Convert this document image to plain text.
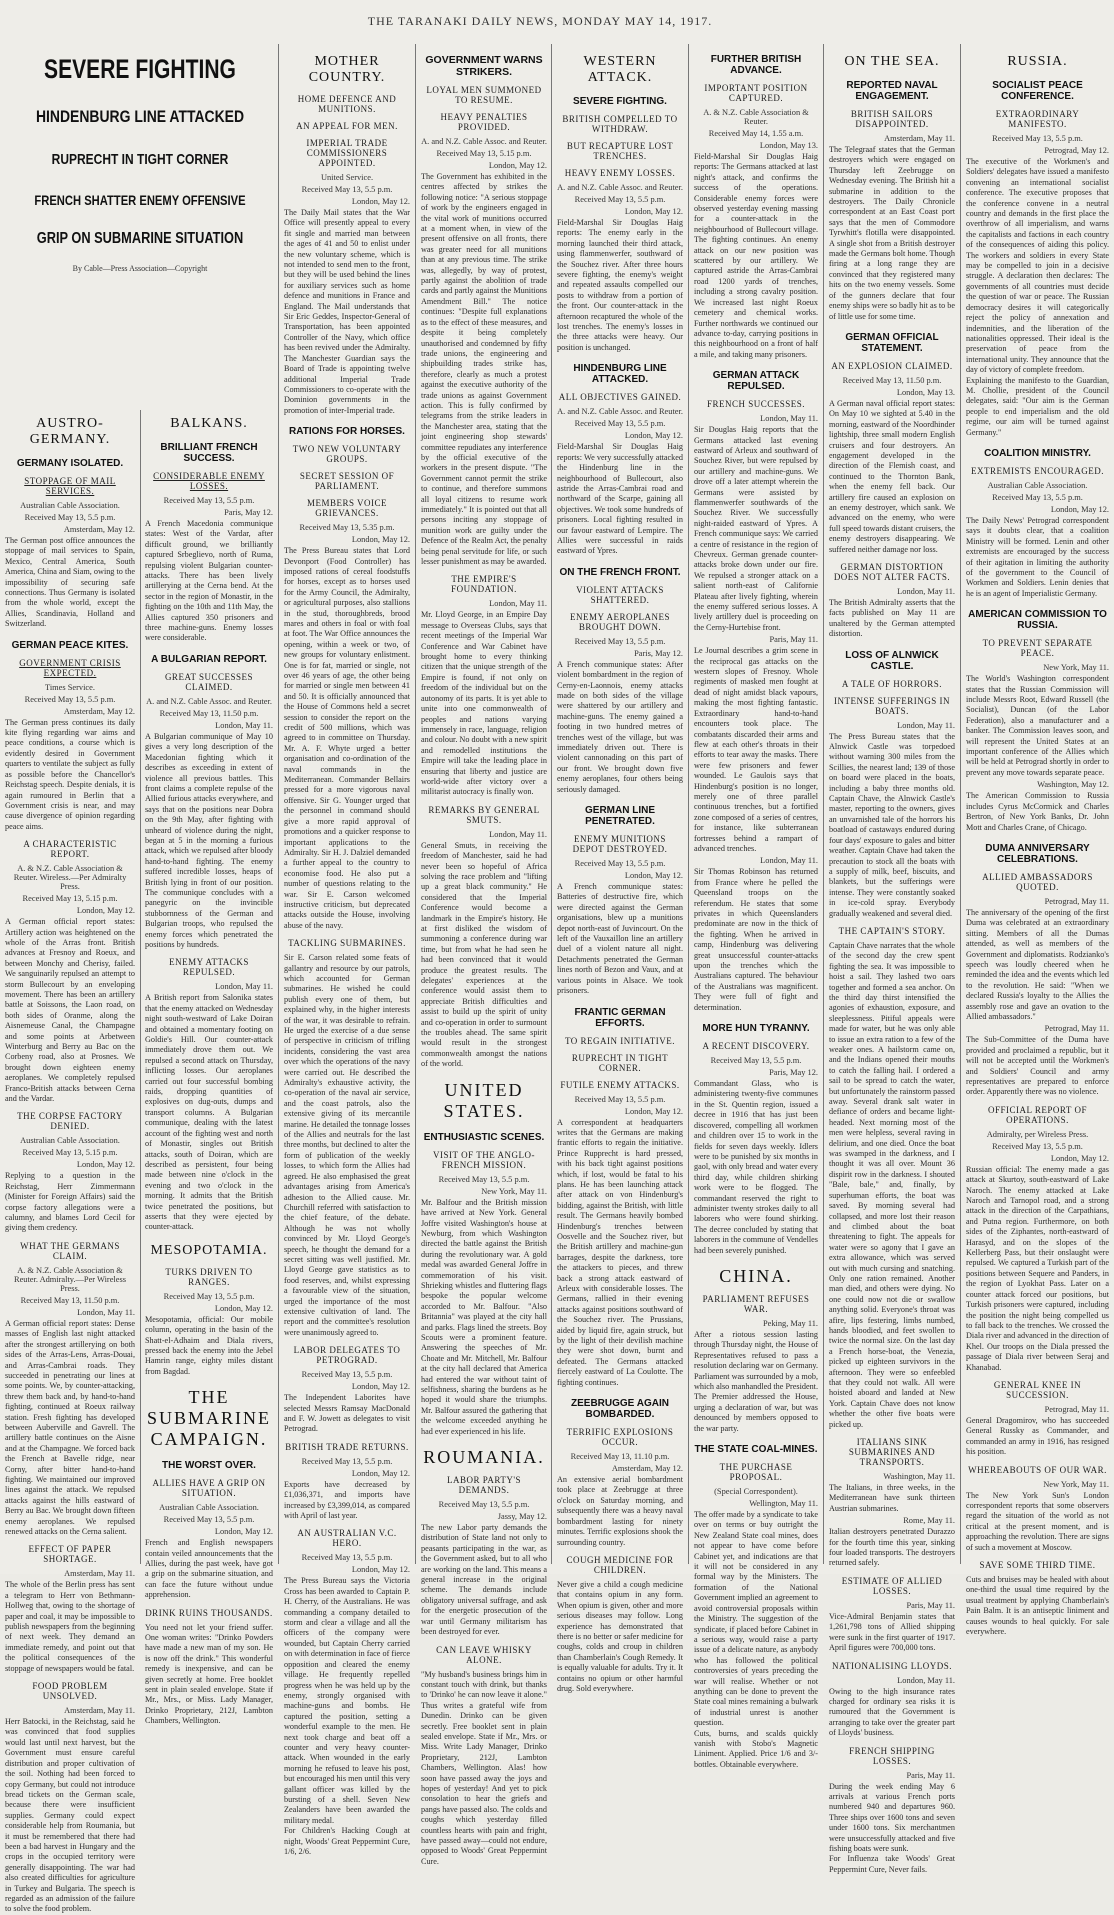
THE TARANAKI DAILY NEWS, MONDAY MAY 14, 1917.
SEVERE FIGHTING
HINDENBURG LINE ATTACKED
RUPRECHT IN TIGHT CORNER
FRENCH SHATTER ENEMY OFFENSIVE
GRIP ON SUBMARINE SITUATION
By Cable—Press Association—Copyright
AUSTRO-GERMANY.
GERMANY ISOLATED.
STOPPAGE OF MAIL SERVICES.
Australian Cable Association.
Received May 13, 5.5 p.m.
Amsterdam, May 12.

The German post office announces the stoppage of mail services to Spain, Mexico, Central America, South America, China and Siam, owing to the impossibility of securing safe connections. Thus Germany is isolated from the whole world, except the Allies, Scandinavia, Holland and Switzerland.

GERMAN PEACE KITES.
GOVERNMENT CRISIS EXPECTED.
Times Service.
Received May 13, 5.5 p.m.
Amsterdam, May 12.

The German press continues its daily kite flying regarding war aims and peace conditions, a course which is evidently desired in Government quarters to ventilate the subject as fully as possible before the Chancellor's Reichstag speech. Despite denials, it is again rumoured in Berlin that a Government crisis is near, and may cause divergence of opinion regarding peace aims.

A CHARACTERISTIC REPORT.
A. & N.Z. Cable Association & Reuter. Wireless.—Per Admiralty Press.
Received May 13, 5.15 p.m.
London, May 12.

A German official report states: Artillery action was heightened on the whole of the Arras front. British advances at Fresnoy and Roeux, and between Monchy and Cherisy, failed. We sanguinarily repulsed an attempt to storm Bullecourt by an enveloping movement. There has been an artillery battle at Soissons, the Laon road, on both sides of Oranme, along the Aisnemeuse Canal, the Champagne and some points at Arbetween Winterburg and Berry au Bac on the Corbeny road, also at Prosnes. We brought down eighteen enemy aeroplanes. We completely repulsed Franco-British attacks between Cerna and the Vardar.

THE CORPSE FACTORY DENIED.
Australian Cable Association.
Received May 13, 5.15 p.m.
London, May 12.

Replying to a question in the Reichstag, Herr Zimmermann (Minister for Foreign Affairs) said the corpse factory allegations were a calumny, and blames Lord Cecil for giving them credency.

WHAT THE GERMANS CLAIM.
A. & N.Z. Cable Association & Reuter. Admiralty.—Per Wireless Press.
Received May 13, 11.50 p.m.
London, May 11.

A German official report states: Dense masses of English last night attacked after the strongest artillerying on both sides of the Arras-Lens, Arras-Douai, and Arras-Cambrai roads. They succeeded in penetrating our lines at some points. We, by counter-attacking, threw them back and, by hand-to-hand fighting, continued at Roeux railway station. Fresh fighting has developed between Auberville and Gavrell. The artillery battle continues on the Aisne and at the Champagne. We forced back the French at Bavelle ridge, near Corny, after bitter hand-to-hand fighting. We maintained our improved lines against the attack. We repulsed attacks against the hills eastward of Berry au Bac. We brought down fifteen enemy aeroplanes. We repulsed renewed attacks on the Cerna salient.

EFFECT OF PAPER SHORTAGE.
Amsterdam, May 11.

The whole of the Berlin press has sent a telegram to Herr von Bethmann-Hollweg that, owing to the shortage of paper and coal, it may be impossible to publish newspapers from the beginning of next week. They demand an immediate remedy, and point out that the political consequences of the stoppage of newspapers would be fatal.

FOOD PROBLEM UNSOLVED.
Amsterdam, May 11.

Herr Batocki, in the Reichstag, said he was convinced that food supplies would last until next harvest, but the Government must ensure careful distribution and proper cultivation of the soil. Nothing had been forced to copy Germany, but could not introduce bread tickets on the German scale, because there were insufficient supplies. Germany could expect considerable help from Roumania, but it must be remembered that there had been a bad harvest in Hungary and the crops in the occupied territory were generally disappointing. The war had also created difficulties for agriculture in Turkey and Bulgaria. The speech is regarded as an admission of the failure to solve the food problem.

BALKANS.
BRILLIANT FRENCH SUCCESS.
CONSIDERABLE ENEMY LOSSES.
Received May 13, 5.5 p.m.
Paris, May 12.

A French Macedonia communique states: West of the Vardar, after difficult ground, we brilliantly captured Srbeglievo, north of Ruma, repulsing violent Bulgarian counter-attacks. There has been lively artillerying at the Cerna bend. At the sector in the region of Monastir, in the fighting on the 10th and 11th May, the Allies captured 350 prisoners and three machine-guns. Enemy losses were considerable.

A BULGARIAN REPORT.
GREAT SUCCESSES CLAIMED.
A. and N.Z. Cable Assoc. and Reuter.
Received May 13, 11.50 p.m.
London, May 11.

A Bulgarian communique of May 10 gives a very long description of the Macedonian fighting which it describes as exceeding in extent of violence all previous battles. This front claims a complete repulse of the Allied furious attacks everywhere, and says that on the positions near Dobra on the 9th May, after fighting with unheard of violence during the night, began at 5 in the morning a furious attack, which we repulsed after bloody hand-to-hand fighting. The enemy suffered incredible losses, heaps of British lying in front of our position. The communique concludes with a panegyric on the invincible stubbornness of the German and Bulgarian troops, who repulsed the enemy forces which penetrated the positions by hundreds.

ENEMY ATTACKS REPULSED.
London, May 11.

A British report from Salonika states that the enemy attacked on Wednesday night south-westward of Lake Doiran and obtained a momentary footing on Goldie's Hill. Our counter-attack immediately drove them out. We repulsed a second attack on Thursday, inflicting losses. Our aeroplanes carried out four successful bombing raids, dropping quantities of explosives on dug-outs, dumps and transport columns. A Bulgarian communique, dealing with the latest account of the fighting west and north of Monastir, singles out British attacks, south of Doiran, which are described as persistent, four being made between nine o'clock in the evening and two o'clock in the morning. It admits that the British twice penetrated the positions, but asserts that they were ejected by counter-attack.

MESOPOTAMIA.
TURKS DRIVEN TO RANGES.
Received May 13, 5.5 p.m.
London, May 12.

Mesopotamia, official: Our mobile column, operating in the basin of the Shatt-el-Adhaim and Diala rivers, pressed back the enemy into the Jebel Hamrin range, eighty miles distant from Bagdad.

THE SUBMARINE CAMPAIGN.
THE WORST OVER.
ALLIES HAVE A GRIP ON SITUATION.
Australian Cable Association.
Received May 13, 5.5 p.m.
London, May 12.

French and English newspapers contain veiled announcements that the Allies, during the past week, have got a grip on the submarine situation, and can face the future without undue apprehension.

DRINK RUINS THOUSANDS.

You need not let your friend suffer. One woman writes: "Drinko Powders have made a new man of my son. He is now off the drink." This wonderful remedy is inexpensive, and can be given secretly at home. Free booklet sent in plain sealed envelope. State if Mr., Mrs., or Miss. Lady Manager, Drinko Proprietary, 212J, Lambton Chambers, Wellington.

MOTHER COUNTRY.
HOME DEFENCE AND MUNITIONS.
AN APPEAL FOR MEN.
IMPERIAL TRADE COMMISSIONERS APPOINTED.
United Service.
Received May 13, 5.5 p.m.
London, May 12.

The Daily Mail states that the War Office will presently appeal to every fit single and married man between the ages of 41 and 50 to enlist under the new voluntary scheme, which is not intended to send men to the front, but they will be used behind the lines for auxiliary services such as home defence and munitions in France and England. The Mail understands that Sir Eric Geddes, Inspector-General of Transportation, has been appointed Controller of the Navy, which office has been revived under the Admiralty. The Manchester Guardian says the Board of Trade is appointing twelve additional Imperial Trade Commissioners to co-operate with the Dominion governments in the promotion of inter-Imperial trade.

RATIONS FOR HORSES.
TWO NEW VOLUNTARY GROUPS.
SECRET SESSION OF PARLIAMENT.
MEMBERS VOICE GRIEVANCES.
Received May 13, 5.35 p.m.
London, May 12.

The Press Bureau states that Lord Devonport (Food Controller) has imposed rations of cereal foodstuffs for horses, except as to horses used for the Army Council, the Admiralty, or agricultural purposes, also stallions in the stud, thoroughbreds, brood mares and others in foal or with foal at foot. The War Office announces the opening, within a week or two, of new groups for voluntary enlistment. One is for fat, married or single, not over 46 years of age, the other being for married or single men between 41 and 50. It is officially announced that the House of Commons held a secret session to consider the report on the credit of 500 millions, which was agreed to in committee on Thursday. Mr. A. F. Whyte urged a better organisation and co-ordination of the naval commands in the Mediterranean. Commander Bellairs pressed for a more vigorous naval offensive. Sir G. Younger urged that the personnel in command should give a more rapid approval of promotions and a quicker response to important applications to the Admiralty. Sir H. J. Dalziel demanded a further appeal to the country to economise food. He also put a number of questions relating to the war. Sir E. Carson welcomed instructive criticism, but deprecated attacks outside the House, involving abuse of the navy.

TACKLING SUBMARINES.

Sir E. Carson related some feats of gallantry and resource by our patrols, which accounted for German submarines. He wished he could publish every one of them, but explained why, in the higher interests of the war, it was desirable to refrain. He urged the exercise of a due sense of perspective in criticism of trifling incidents, considering the vast area over which the operations of the navy were carried out. He described the Admiralty's exhaustive activity, the co-operation of the naval air service, and the coast patrols, also the extensive giving of its mercantile marine. He detailed the tonnage losses of the Allies and neutrals for the last three months, but declined to alter the form of publication of the weekly losses, to which form the Allies had agreed. He also emphasised the great advantages arising from America's adhesion to the Allied cause. Mr. Churchill referred with satisfaction to the chief feature, of the debate. Although he was not wholly convinced by Mr. Lloyd George's speech, he thought the demand for a secret sitting was well justified. Mr. Lloyd George gave statistics as to food reserves, and, whilst expressing a favourable view of the situation, urged the importance of the most extensive cultivation of land. The report and the committee's resolution were unanimously agreed to.

LABOR DELEGATES TO PETROGRAD.
Received May 13, 5.5 p.m.
London, May 12.

The Independent Laborites have selected Messrs Ramsay MacDonald and F. W. Jowett as delegates to visit Petrograd.

BRITISH TRADE RETURNS.
Received May 13, 5.5 p.m.
London, May 12.

Exports have decreased by £1,036,371, and imports have increased by £3,399,014, as compared with April of last year.

AN AUSTRALIAN V.C. HERO.
Received May 13, 5.5 p.m.
London, May 12.

The Press Bureau says the Victoria Cross has been awarded to Captain P. H. Cherry, of the Australians. He was commanding a company detailed to storm and clear a village and all the officers of the company were wounded, but Captain Cherry carried on with determination in face of fierce opposition and cleared the enemy village. He frequently repelled progress when he was held up by the enemy, strongly organised with machine-guns and bombs. He captured the position, setting a wonderful example to the men. He next took charge and beat off a counter and very heavy counter-attack. When wounded in the early morning he refused to leave his post, but encouraged his men until this very gallant officer was killed by the bursting of a shell. Seven New Zealanders have been awarded the military medal.

For Children's Hacking Cough at night, Woods' Great Peppermint Cure, 1/6, 2/6.

GOVERNMENT WARNS STRIKERS.
LOYAL MEN SUMMONED TO RESUME.
HEAVY PENALTIES PROVIDED.
A. and N.Z. Cable Assoc. and Reuter.
Received May 13, 5.15 p.m.
London, May 12.

The Government has exhibited in the centres affected by strikes the following notice: "A serious stoppage of work by the engineers engaged in the vital work of munitions occurred at a moment when, in view of the present offensive on all fronts, there was greater need for all munitions than at any previous time. The strike was, allegedly, by way of protest, partly against the abolition of trade cards and partly against the Munitions Amendment Bill." The notice continues: "Despite full explanations as to the effect of these measures, and despite it being completely unauthorised and condemned by fifty trade unions, the engineering and shipbuilding trades strike has, therefore, clearly as much a protest against the executive authority of the trade unions as against Government action. This is fully confirmed by telegrams from the strike leaders in the Manchester area, stating that the joint engineering shop stewards' committee repudiates any interference by the official executive of the workers in the present dispute. "The Government cannot permit the strike to continue, and therefore summons all loyal citizens to resume work immediately." It is pointed out that all persons inciting any stoppage of munition work are guilty under the Defence of the Realm Act, the penalty being penal servitude for life, or such lesser punishment as may be awarded.

THE EMPIRE'S FOUNDATION.
London, May 11.

Mr. Lloyd George, in an Empire Day message to Overseas Clubs, says that recent meetings of the Imperial War Conference and War Cabinet have brought home to every thinking citizen that the unique strength of the Empire is found, if not only on freedom of the individual but on the autonomy of its parts. It is yet able to unite into one commonwealth of peoples and nations varying immensely in race, language, religion and colour. No doubt with a new spirit and remodelled institutions the Empire will take the leading place in ensuring that liberty and justice are world-wide after victory over a militarist autocracy is finally won.

REMARKS BY GENERAL SMUTS.
London, May 11.

General Smuts, in receiving the freedom of Manchester, said he had never been so hopeful of Africa solving the race problem and "lifting up a great black community." He considered that the Imperial Conference would become a landmark in the Empire's history. He at first disliked the wisdom of summoning a conference during war time, but from what he had seen he had been convinced that it would produce the greatest results. The delegates' experiences at the conference would assist them to appreciate British difficulties and assist to build up the spirit of unity and co-operation in order to surmount the troubles ahead. The same spirit would result in the strongest commonwealth amongst the nations of the world.

UNITED STATES.
ENTHUSIASTIC SCENES.
VISIT OF THE ANGLO-FRENCH MISSION.
Received May 13, 5.5 p.m.
New York, May 11.

Mr. Balfour and the British mission have arrived at New York. General Joffre visited Washington's house at Newburg, from which Washington directed the battle against the British during the revolutionary war. A gold medal was awarded General Joffre in commemoration of his visit. Shrieking whistles and fluttering flags bespoke the popular welcome accorded to Mr. Balfour. "Also Britannia" was played at the city hall and parks. Flags lined the streets. Boy Scouts were a prominent feature. Answering the speeches of Mr. Choate and Mr. Mitchell, Mr. Balfour at the city hall declared that America had entered the war without taint of selfishness, sharing the burdens as he hoped it would share the triumphs. Mr. Balfour assured the gathering that the welcome exceeded anything he had ever experienced in his life.

ROUMANIA.
LABOR PARTY'S DEMANDS.
Received May 13, 5.5 p.m.
Jassy, May 12.

The new Labor party demands the distribution of State land not only to peasants participating in the war, as the Government asked, but to all who are working on the land. This means a general increase in the original scheme. The demands include obligatory universal suffrage, and ask for the energetic prosecution of the war until Germany militarism has been destroyed for ever.

CAN LEAVE WHISKY ALONE.

"My husband's business brings him in constant touch with drink, but thanks to 'Drinko' he can now leave it alone." Thus writes a grateful wife from Dunedin. Drinko can be given secretly. Free booklet sent in plain sealed envelope. State if Mr., Mrs. or Miss. Write Lady Manager, Drinko Proprietary, 212J, Lambton Chambers, Wellington. Alas! how soon have passed away the joys and hopes of yesterday! And yet to pick consolation to hear the griefs and pangs have passed also. The colds and coughs which yesterday filled countless hearts with pain and fright, have passed away—could not endure, opposed to Woods' Great Peppermint Cure.

WESTERN ATTACK.
SEVERE FIGHTING.
BRITISH COMPELLED TO WITHDRAW.
BUT RECAPTURE LOST TRENCHES.
HEAVY ENEMY LOSSES.
A. and N.Z. Cable Assoc. and Reuter.
Received May 13, 5.5 p.m.
London, May 12.

Field-Marshal Sir Douglas Haig reports: The enemy early in the morning launched their third attack, using flammenwerfer, southward of the Souchez river. After three hours severe fighting, the enemy's weight and repeated assaults compelled our posts to withdraw from a portion of the front. Our counter-attack in the afternoon recaptured the whole of the lost trenches. The enemy's losses in the three attacks were heavy. Our position is unchanged.

HINDENBURG LINE ATTACKED.
ALL OBJECTIVES GAINED.
A. and N.Z. Cable Assoc. and Reuter.
Received May 13, 5.5 p.m.
London, May 12.

Field-Marshal Sir Douglas Haig reports: We very successfully attacked the Hindenburg line in the neighbourhood of Bullecourt, also astride the Arras-Cambrai road and northward of the Scarpe, gaining all objectives. We took some hundreds of prisoners. Local fighting resulted in our favour eastward of Lempire. The Allies were successful in raids eastward of Ypres.

ON THE FRENCH FRONT.
VIOLENT ATTACKS SHATTERED.
ENEMY AEROPLANES BROUGHT DOWN.
Received May 13, 5.5 p.m.
Paris, May 12.

A French communique states: After violent bombardment in the region of Cerny-en-Laonnois, enemy attacks made on both sides of the village were shattered by our artillery and machine-guns. The enemy gained a footing in two hundred metres of trenches west of the village, but was immediately driven out. There is violent cannonading on this part of our front. We brought down five enemy aeroplanes, four others being seriously damaged.

GERMAN LINE PENETRATED.
ENEMY MUNITIONS DEPOT DESTROYED.
Received May 13, 5.5 p.m.
London, May 12.

A French communique states: Batteries of destructive fire, which were directed against the German organisations, blew up a munitions depot north-east of Juvincourt. On the left of the Vauxaillon line an artillery duel of a violent nature all night. Detachments penetrated the German lines north of Bezon and Vaux, and at various points in Alsace. We took prisoners.

FRANTIC GERMAN EFFORTS.
TO REGAIN INITIATIVE.
RUPRECHT IN TIGHT CORNER.
FUTILE ENEMY ATTACKS.
Received May 13, 5.5 p.m.
London, May 12.

A correspondent at headquarters writes that the Germans are making frantic efforts to regain the initiative. Prince Rupprecht is hard pressed, with his back tight against positions which, if lost, would be fatal to his plans. He has been launching attack after attack on von Hindenburg's bidding, against the British, with little result. The Germans heavily bombed Hindenburg's trenches between Oosvelle and the Souchez river, but the British artillery and machine-gun barrages, despite the darkness, tore the attackers to pieces, and threw back a strong attack eastward of Arleux with considerable losses. The Germans, rallied in their evening attacks against positions southward of the Souchez river. The Prussians, aided by liquid fire, again struck, but by the light of their devilish machine they were shot down, burnt and defeated. The Germans attacked fiercely eastward of La Coulotte. The fighting continues.

ZEEBRUGGE AGAIN BOMBARDED.
TERRIFIC EXPLOSIONS OCCUR.
Received May 13, 11.10 p.m.
Amsterdam, May 12.

An extensive aerial bombardment took place at Zeebrugge at three o'clock on Saturday morning, and subsequently there was a heavy naval bombardment lasting for ninety minutes. Terrific explosions shook the surrounding country.

COUGH MEDICINE FOR CHILDREN.

Never give a child a cough medicine that contains opium in any form. When opium is given, other and more serious diseases may follow. Long experience has demonstrated that there is no better or safer medicine for coughs, colds and croup in children than Chamberlain's Cough Remedy. It is equally valuable for adults. Try it. It contains no opium or other harmful drug. Sold everywhere.

FURTHER BRITISH ADVANCE.
IMPORTANT POSITION CAPTURED.
A. & N.Z. Cable Association & Reuter.
Received May 14, 1.55 a.m.
London, May 13.

Field-Marshal Sir Douglas Haig reports: The Germans attacked at last night's attack, and confirms the success of the operations. Considerable enemy forces were observed yesterday evening massing for a counter-attack in the neighbourhood of Bullecourt village. The fighting continues. An enemy attack on our new position was scattered by our artillery. We captured astride the Arras-Cambrai road 1200 yards of trenches, including a strong cavalry position. We increased last night Roeux cemetery and chemical works. Further northwards we continued our advance to-day, carrying positions in this neighbourhood on a front of half a mile, and taking many prisoners.

GERMAN ATTACK REPULSED.
FRENCH SUCCESSES.
London, May 11.

Sir Douglas Haig reports that the Germans attacked last evening eastward of Arleux and southward of Souchez River, but were repulsed by our artillery and machine-guns. We drove off a later attempt wherein the Germans were assisted by flammenwerfer southwards of the Souchez River. We successfully night-raided eastward of Ypres. A French communique says: We carried a centre of resistance in the region of Chevreux. German grenade counter-attacks broke down under our fire. We repulsed a stronger attack on a salient north-east of Californie Plateau after lively fighting, wherein the enemy suffered serious losses. A lively artillery duel is proceeding on the Cerny-Hurtebise front.

Paris, May 11.

Le Journal describes a grim scene in the reciprocal gas attacks on the western slopes of Fresnoy. Whole regiments of masked men fought at dead of night amidst black vapours, making the most fighting fantastic. Extraordinary hand-to-hand encounters took place. The combatants discarded their arms and flew at each other's throats in their efforts to tear away the masks. There were few prisoners and fewer wounded. Le Gaulois says that Hindenburg's position is no longer, merely one of three parallel continuous trenches, but a fortified zone composed of a series of centres, for instance, like subterranean fortresses behind a rampart of advanced trenches.

London, May 11.

Sir Thomas Robinson has returned from France where he pelled the Queensland troops on the referendum. He states that some privates in which Queenslanders predominate are now in the thick of the fighting. When he arrived in camp, Hindenburg was delivering great unsuccessful counter-attacks upon the trenches which the Australians captured. The behaviour of the Australians was magnificent. They were full of fight and determination.

MORE HUN TYRANNY.
A RECENT DISCOVERY.
Received May 13, 5.5 p.m.
Paris, May 12.

Commandant Glass, who is administering twenty-five communes in the St. Quentin region, issued a decree in 1916 that has just been discovered, compelling all workmen and children over 15 to work in the fields for seven days weekly. Idlers were to be punished by six months in gaol, with only bread and water every third day, while children shirking work were to be flogged. The commandant reserved the right to administer twenty strokes daily to all laborers who were found shirking. The decree concluded by stating that laborers in the commune of Vendelles had been severely punished.

CHINA.
PARLIAMENT REFUSES WAR.
Peking, May 11.

After a riotous session lasting through Thursday night, the House of Representatives refused to pass a resolution declaring war on Germany. Parliament was surrounded by a mob, which also manhandled the President. The Premier addressed the House, urging a declaration of war, but was denounced by members opposed to the war party.

THE STATE COAL-MINES.
THE PURCHASE PROPOSAL.
(Special Correspondent).
Wellington, May 11.

The offer made by a syndicate to take over on terms or buy outright the New Zealand State coal mines, does not appear to have come before Cabinet yet, and indications are that it will not be considered in any formal way by the Ministers. The formation of the National Government implied an agreement to avoid controversial proposals within the Ministry. The suggestion of the syndicate, if placed before Cabinet in a serious way, would raise a party issue of a delicate nature, as anybody who has followed the political controversies of years preceding the war will realise. Whether or not anything can be done to prevent the State coal mines remaining a bulwark of industrial unrest is another question.

Cuts, burns, and scalds quickly vanish with Stobo's Magnetic Liniment. Applied. Price 1/6 and 3/- bottles. Obtainable everywhere.

ON THE SEA.
REPORTED NAVAL ENGAGEMENT.
BRITISH SAILORS DISAPPOINTED.
Amsterdam, May 11.

The Telegraaf states that the German destroyers which were engaged on Thursday left Zeebrugge on Wednesday evening. The British hit a submarine in addition to the destroyers. The Daily Chronicle correspondent at an East Coast port says that the men of Commodore Tyrwhitt's flotilla were disappointed. A single shot from a British destroyer made the Germans bolt home. Though firing at a long range they are convinced that they registered many hits on the two enemy vessels. Some of the gunners declare that four enemy ships were so badly hit as to be of little use for some time.

GERMAN OFFICIAL STATEMENT.
AN EXPLOSION CLAIMED.
Received May 13, 11.50 p.m.
London, May 13.

A German naval official report states: On May 10 we sighted at 5.40 in the morning, eastward of the Noordhinder lightship, three small modern English cruisers and four destroyers. An engagement developed in the direction of the Flemish coast, and continued to the Thornton Bank, when the enemy fell back. Our artillery fire caused an explosion on an enemy destroyer, which sank. We advanced on the enemy, who were full speed towards distant cruisers, the enemy destroyers disappearing. We suffered neither damage nor loss.

GERMAN DISTORTION DOES NOT ALTER FACTS.
London, May 11.

The British Admiralty asserts that the facts published on May 11 are unaltered by the German attempted distortion.

LOSS OF ALNWICK CASTLE.
A TALE OF HORRORS.
INTENSE SUFFERINGS IN BOATS.
London, May 11.

The Press Bureau states that the Alnwick Castle was torpedoed without warning 300 miles from the Scillies, the nearest land; 139 of those on board were placed in the boats, including a baby three months old. Captain Chave, the Alnwick Castle's master, reporting to the owners, gives an unvarnished tale of the horrors his boatload of castaways endured during four days' exposure to gales and bitter weather. Captain Chave had taken the precaution to stock all the boats with a supply of milk, beef, biscuits, and blankets, but the sufferings were intense. They were constantly soaked in ice-cold spray. Everybody gradually weakened and several died.

THE CAPTAIN'S STORY.

Captain Chave narrates that the whole of the second day the crew spent fighting the sea. It was impossible to hoist a sail. They lashed two oars together and formed a sea anchor. On the third day thirst intensified the agonies of exhaustion, exposure, and sleeplessness. Pitiful appeals were made for water, but he was only able to issue an extra ration to a few of the weaker ones. A hailstorm came on, and the Indians opened their mouths to catch the falling hail. I ordered a sail to be spread to catch the water, but unfortunately the rainstorm passed away. Several drank salt water in defiance of orders and became light-headed. Next morning most of the men were helpless, several raving in delirium, and one died. Once the boat was swamped in the darkness, and I thought it was all over. Mount 36 dispirit row in the darkness. I shouted "Bale, bale," and, finally, by superhuman efforts, the boat was saved. By morning several had collapsed, and more lost their reason and climbed about the boat threatening to fight. The appeals for water were so agony that I gave an extra allowance, which was served out with much cursing and snatching. Only one ration remained. Another man died, and others were dying. No one could now not die or swallow anything solid. Everyone's throat was afire, lips festering, limbs numbed, hands bloodied, and feet swollen to twice the normal size. On the last day a French horse-boat, the Venezia, picked up eighteen survivors in the afternoon. They were so enfeebled that they could not walk. All were hoisted aboard and landed at New York. Captain Chave does not know whether the other five boats were picked up.

ITALIANS SINK SUBMARINES AND TRANSPORTS.
Washington, May 11.

The Italians, in three weeks, in the Mediterranean have sunk thirteen Austrian submarines.

Rome, May 11.

Italian destroyers penetrated Durazzo for the fourth time this year, sinking four loaded transports. The destroyers returned safely.

ESTIMATE OF ALLIED LOSSES.
Paris, May 11.

Vice-Admiral Benjamin states that 1,261,798 tons of Allied shipping were sunk in the first quarter of 1917. April figures were 700,000 tons.

NATIONALISING LLOYDS.
London, May 11.

Owing to the high insurance rates charged for ordinary sea risks it is rumoured that the Government is arranging to take over the greater part of Lloyds' business.

FRENCH SHIPPING LOSSES.
Paris, May 11.

During the week ending May 6 arrivals at various French ports numbered 940 and departures 960. Three ships over 1600 tons and seven under 1600 tons. Six merchantmen were unsuccessfully attacked and five fishing boats were sunk.

For Influenza take Woods' Great Peppermint Cure, Never fails.

RUSSIA.
SOCIALIST PEACE CONFERENCE.
EXTRAORDINARY MANIFESTO.
Received May 13, 5.5 p.m.
Petrograd, May 12.

The executive of the Workmen's and Soldiers' delegates have issued a manifesto convening an international socialist conference. The executive proposes that the conference convene in a neutral country and demands in the first place the overthrow of all imperialism, and warns the capitalists and factions in each country of the consequences of aiding this policy. The workers and soldiers in every State may be compelled to join in a decisive struggle. A declaration then declares: The governments of all countries must decide the question of war or peace. The Russian democracy desires it will categorically reject the policy of annexation and indemnities, and the liberation of the nationalities oppressed. Their ideal is the preservation of peace from the international unity. They announce that the day of victory of complete freedom.

Explaining the manifesto to the Guardian, M. Chollie, president of the Council delegates, said: "Our aim is the German people to end imperialism and the old regime, our aim will be turned against Germany."

COALITION MINISTRY.
EXTREMISTS ENCOURAGED.
Australian Cable Association.
Received May 13, 5.5 p.m.
London, May 12.

The Daily News' Petrograd correspondent says it doubts clear, that a coalition Ministry will be formed. Lenin and other extremists are encouraged by the success of their agitation in limiting the authority of the government to the Council of Workmen and Soldiers. Lenin denies that he is an agent of Imperialistic Germany.

AMERICAN COMMISSION TO RUSSIA.
TO PREVENT SEPARATE PEACE.
New York, May 11.

The World's Washington correspondent states that the Russian Commission will include Messrs Root, Edward Russell (the Socialist), Duncan (of the Labor Federation), also a manufacturer and a banker. The Commission leaves soon, and will represent the United States at an important conference of the Allies which will be held at Petrograd shortly in order to prevent any move towards separate peace.

Washington, May 12.

The American Commission to Russia includes Cyrus McCormick and Charles Bertron, of New York Banks, Dr. John Mott and Charles Crane, of Chicago.

DUMA ANNIVERSARY CELEBRATIONS.
ALLIED AMBASSADORS QUOTED.
Petrograd, May 11.

The anniversary of the opening of the first Duma was celebrated at an extraordinary sitting. Members of all the Dumas attended, as well as members of the Government and diplomatists. Rodzianko's speech was loudly cheered when he reminded the idea and the events which led to the revolution. He said: "When we declared Russia's loyalty to the Allies the assembly rose and gave an ovation to the Allied ambassadors."

Petrograd, May 11.

The Sub-Committee of the Duma have provided and proclaimed a republic, but it will not be accepted until the Workmen's and Soldiers' Council and army representatives are prepared to enforce order. Apparently there was no violence.

OFFICIAL REPORT OF OPERATIONS.
Admiralty, per Wireless Press.
Received May 13, 5.5 p.m.
London, May 12.

Russian official: The enemy made a gas attack at Skurtoy, south-eastward of Lake Naroch. The enemy attacked at Lake Naroch and Tarnopol road, and a strong attack in the direction of the Carpathians, and Putna region. Furthermore, on both sides of the Ziphantes, north-eastward of Harasyd, and on the slopes of the Kellerberg Pass, but their onslaught were repulsed. We captured a Turkish part of the positions between Sequere and Panders, in the region of Lyokhat Pass. Later on a counter attack forced our positions, but Turkish prisoners were captured, including the position the night being compelled us to fall back to the trenches. We crossed the Diala river and advanced in the direction of Khel. Our troops on the Diala pressed the passage of Diala river between Seraj and Khanabad.

GENERAL KNEE IN SUCCESSION.
Petrograd, May 11.

General Dragomirov, who has succeeded General Russky as Commander, and commanded an army in 1916, has resigned his position.

WHEREABOUTS OF OUR WAR.
New York, May 11.

The New York Sun's London correspondent reports that some observers regard the situation of the world as not critical at the present moment, and is approaching the revolution. There are signs of such a movement at Moscow.

SAVE SOME THIRD TIME.

Cuts and bruises may be healed with about one-third the usual time required by the usual treatment by applying Chamberlain's Pain Balm. It is an antiseptic liniment and causes wounds to heal quickly. For sale everywhere.
